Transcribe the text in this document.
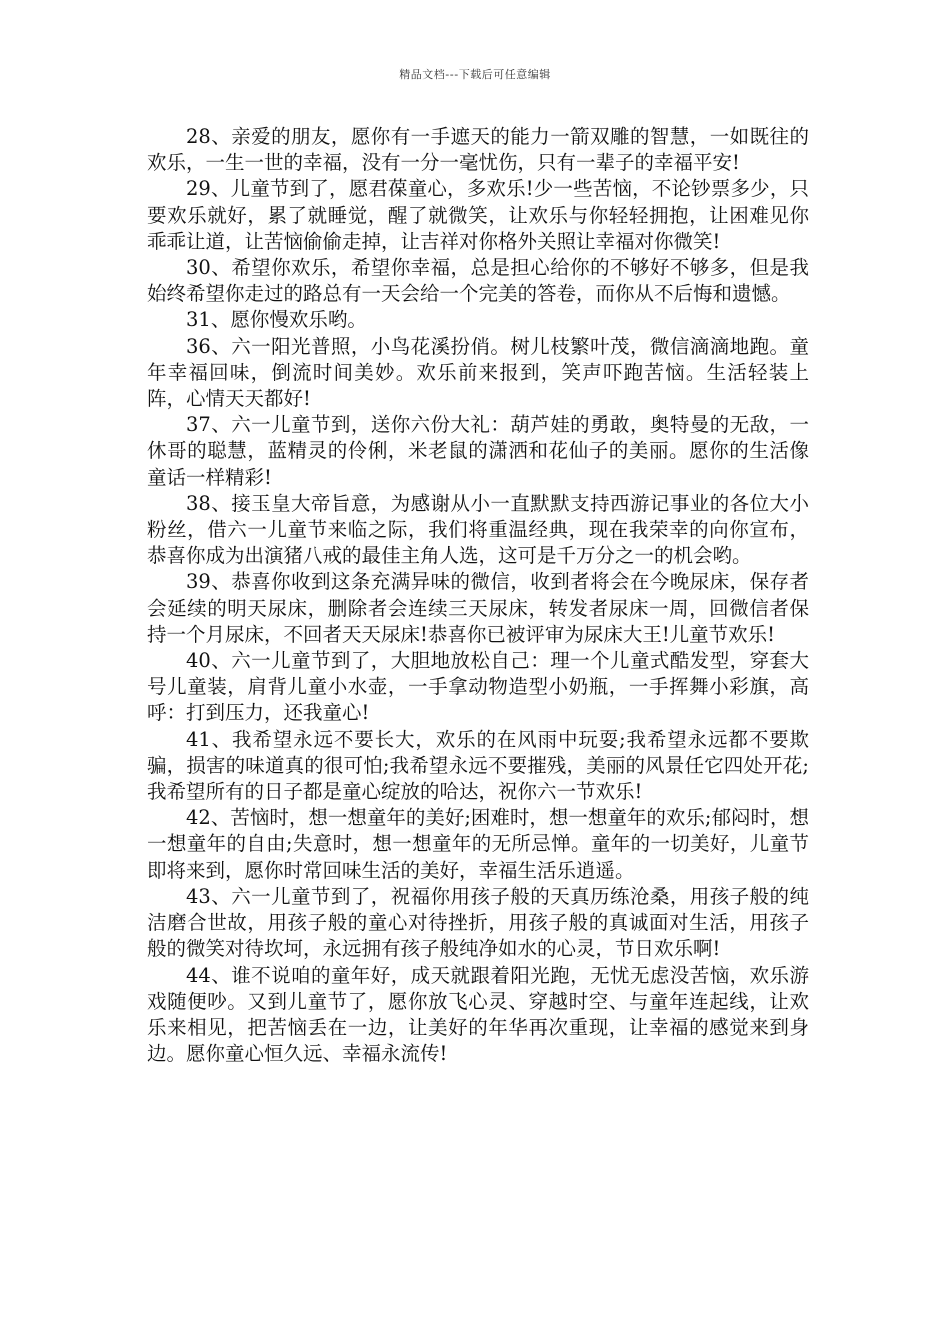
精品文档---下载后可任意编辑

28、亲爱的朋友，愿你有一手遮天的能力一箭双雕的智慧，一如既往的欢乐，一生一世的幸福，没有一分一毫忧伤，只有一辈子的幸福平安!

29、儿童节到了，愿君葆童心，多欢乐!少一些苦恼，不论钞票多少，只要欢乐就好，累了就睡觉，醒了就微笑，让欢乐与你轻轻拥抱，让困难见你乖乖让道，让苦恼偷偷走掉，让吉祥对你格外关照让幸福对你微笑!

30、希望你欢乐，希望你幸福，总是担心给你的不够好不够多，但是我始终希望你走过的路总有一天会给一个完美的答卷，而你从不后悔和遗憾。

31、愿你慢欢乐哟。

36、六一阳光普照，小鸟花溪扮俏。树儿枝繁叶茂，微信滴滴地跑。童年幸福回味，倒流时间美妙。欢乐前来报到，笑声吓跑苦恼。生活轻装上阵，心情天天都好!

37、六一儿童节到，送你六份大礼：葫芦娃的勇敢，奥特曼的无敌，一休哥的聪慧，蓝精灵的伶俐，米老鼠的潇洒和花仙子的美丽。愿你的生活像童话一样精彩!

38、接玉皇大帝旨意，为感谢从小一直默默支持西游记事业的各位大小粉丝，借六一儿童节来临之际，我们将重温经典，现在我荣幸的向你宣布，恭喜你成为出演猪八戒的最佳主角人选，这可是千万分之一的机会哟。

39、恭喜你收到这条充满异味的微信，收到者将会在今晚尿床，保存者会延续的明天尿床，删除者会连续三天尿床，转发者尿床一周，回微信者保持一个月尿床，不回者天天尿床!恭喜你已被评审为尿床大王!儿童节欢乐!

40、六一儿童节到了，大胆地放松自己：理一个儿童式酷发型，穿套大号儿童装，肩背儿童小水壶，一手拿动物造型小奶瓶，一手挥舞小彩旗，高呼：打到压力，还我童心!

41、我希望永远不要长大，欢乐的在风雨中玩耍;我希望永远都不要欺骗，损害的味道真的很可怕;我希望永远不要摧残，美丽的风景任它四处开花;我希望所有的日子都是童心绽放的哈达，祝你六一节欢乐!

42、苦恼时，想一想童年的美好;困难时，想一想童年的欢乐;郁闷时，想一想童年的自由;失意时，想一想童年的无所忌惮。童年的一切美好，儿童节即将来到，愿你时常回味生活的美好，幸福生活乐逍遥。

43、六一儿童节到了，祝福你用孩子般的天真历练沧桑，用孩子般的纯洁磨合世故，用孩子般的童心对待挫折，用孩子般的真诚面对生活，用孩子般的微笑对待坎坷，永远拥有孩子般纯净如水的心灵，节日欢乐啊!

44、谁不说咱的童年好，成天就跟着阳光跑，无忧无虑没苦恼，欢乐游戏随便吵。又到儿童节了，愿你放飞心灵、穿越时空、与童年连起线，让欢乐来相见，把苦恼丢在一边，让美好的年华再次重现，让幸福的感觉来到身边。愿你童心恒久远、幸福永流传!
